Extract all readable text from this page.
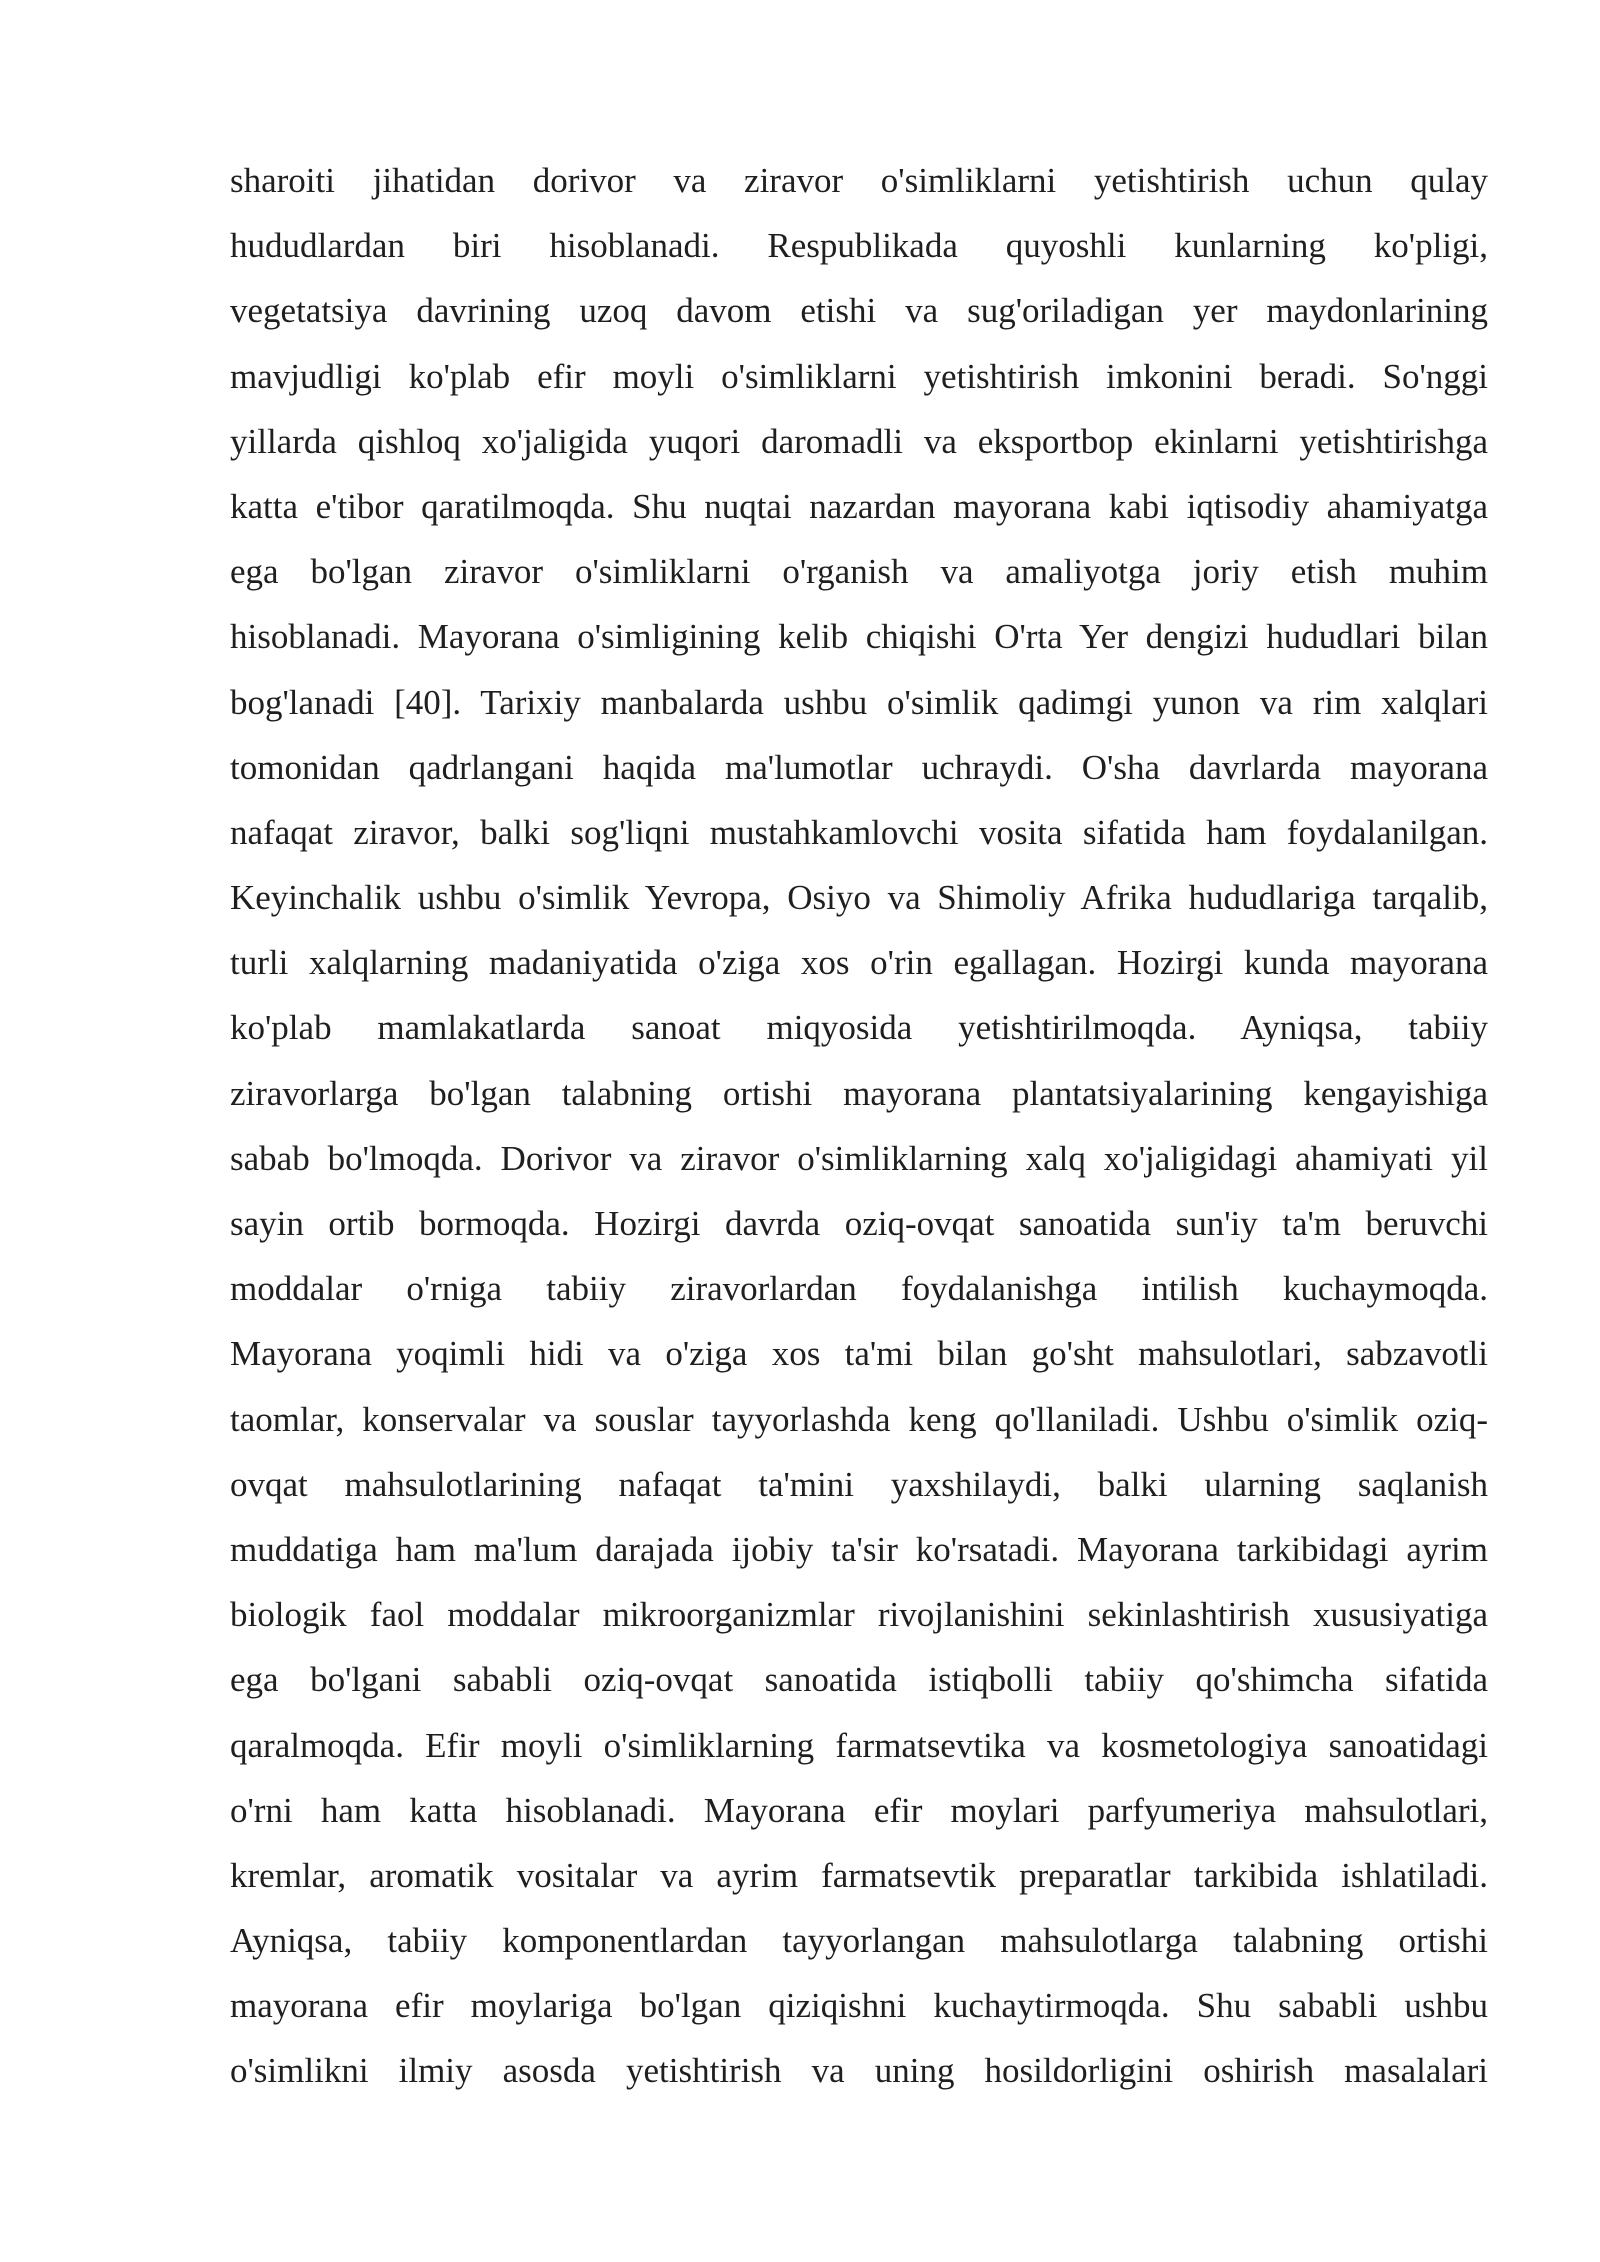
sharoiti jihatidan dorivor va ziravor o'simliklarni yetishtirish uchun qulay
hududlardan biri hisoblanadi. Respublikada quyoshli kunlarning ko'pligi,
vegetatsiya davrining uzoq davom etishi va sug'oriladigan yer maydonlarining
mavjudligi ko'plab efir moyli o'simliklarni yetishtirish imkonini beradi. So'nggi
yillarda qishloq xo'jaligida yuqori daromadli va eksportbop ekinlarni yetishtirishga
katta e'tibor qaratilmoqda. Shu nuqtai nazardan mayorana kabi iqtisodiy ahamiyatga
ega bo'lgan ziravor o'simliklarni o'rganish va amaliyotga joriy etish muhim
hisoblanadi. Mayorana o'simligining kelib chiqishi O'rta Yer dengizi hududlari bilan
bog'lanadi [40]. Tarixiy manbalarda ushbu o'simlik qadimgi yunon va rim xalqlari
tomonidan qadrlangani haqida ma'lumotlar uchraydi. O'sha davrlarda mayorana
nafaqat ziravor, balki sog'liqni mustahkamlovchi vosita sifatida ham foydalanilgan.
Keyinchalik ushbu o'simlik Yevropa, Osiyo va Shimoliy Afrika hududlariga tarqalib,
turli xalqlarning madaniyatida o'ziga xos o'rin egallagan. Hozirgi kunda mayorana
ko'plab mamlakatlarda sanoat miqyosida yetishtirilmoqda. Ayniqsa, tabiiy
ziravorlarga bo'lgan talabning ortishi mayorana plantatsiyalarining kengayishiga
sabab bo'lmoqda. Dorivor va ziravor o'simliklarning xalq xo'jaligidagi ahamiyati yil
sayin ortib bormoqda. Hozirgi davrda oziq-ovqat sanoatida sun'iy ta'm beruvchi
moddalar o'rniga tabiiy ziravorlardan foydalanishga intilish kuchaymoqda.
Mayorana yoqimli hidi va o'ziga xos ta'mi bilan go'sht mahsulotlari, sabzavotli
taomlar, konservalar va souslar tayyorlashda keng qo'llaniladi. Ushbu o'simlik oziq-
ovqat mahsulotlarining nafaqat ta'mini yaxshilaydi, balki ularning saqlanish
muddatiga ham ma'lum darajada ijobiy ta'sir ko'rsatadi. Mayorana tarkibidagi ayrim
biologik faol moddalar mikroorganizmlar rivojlanishini sekinlashtirish xususiyatiga
ega bo'lgani sababli oziq-ovqat sanoatida istiqbolli tabiiy qo'shimcha sifatida
qaralmoqda. Efir moyli o'simliklarning farmatsevtika va kosmetologiya sanoatidagi
o'rni ham katta hisoblanadi. Mayorana efir moylari parfyumeriya mahsulotlari,
kremlar, aromatik vositalar va ayrim farmatsevtik preparatlar tarkibida ishlatiladi.
Ayniqsa, tabiiy komponentlardan tayyorlangan mahsulotlarga talabning ortishi
mayorana efir moylariga bo'lgan qiziqishni kuchaytirmoqda. Shu sababli ushbu
o'simlikni ilmiy asosda yetishtirish va uning hosildorligini oshirish masalalari
